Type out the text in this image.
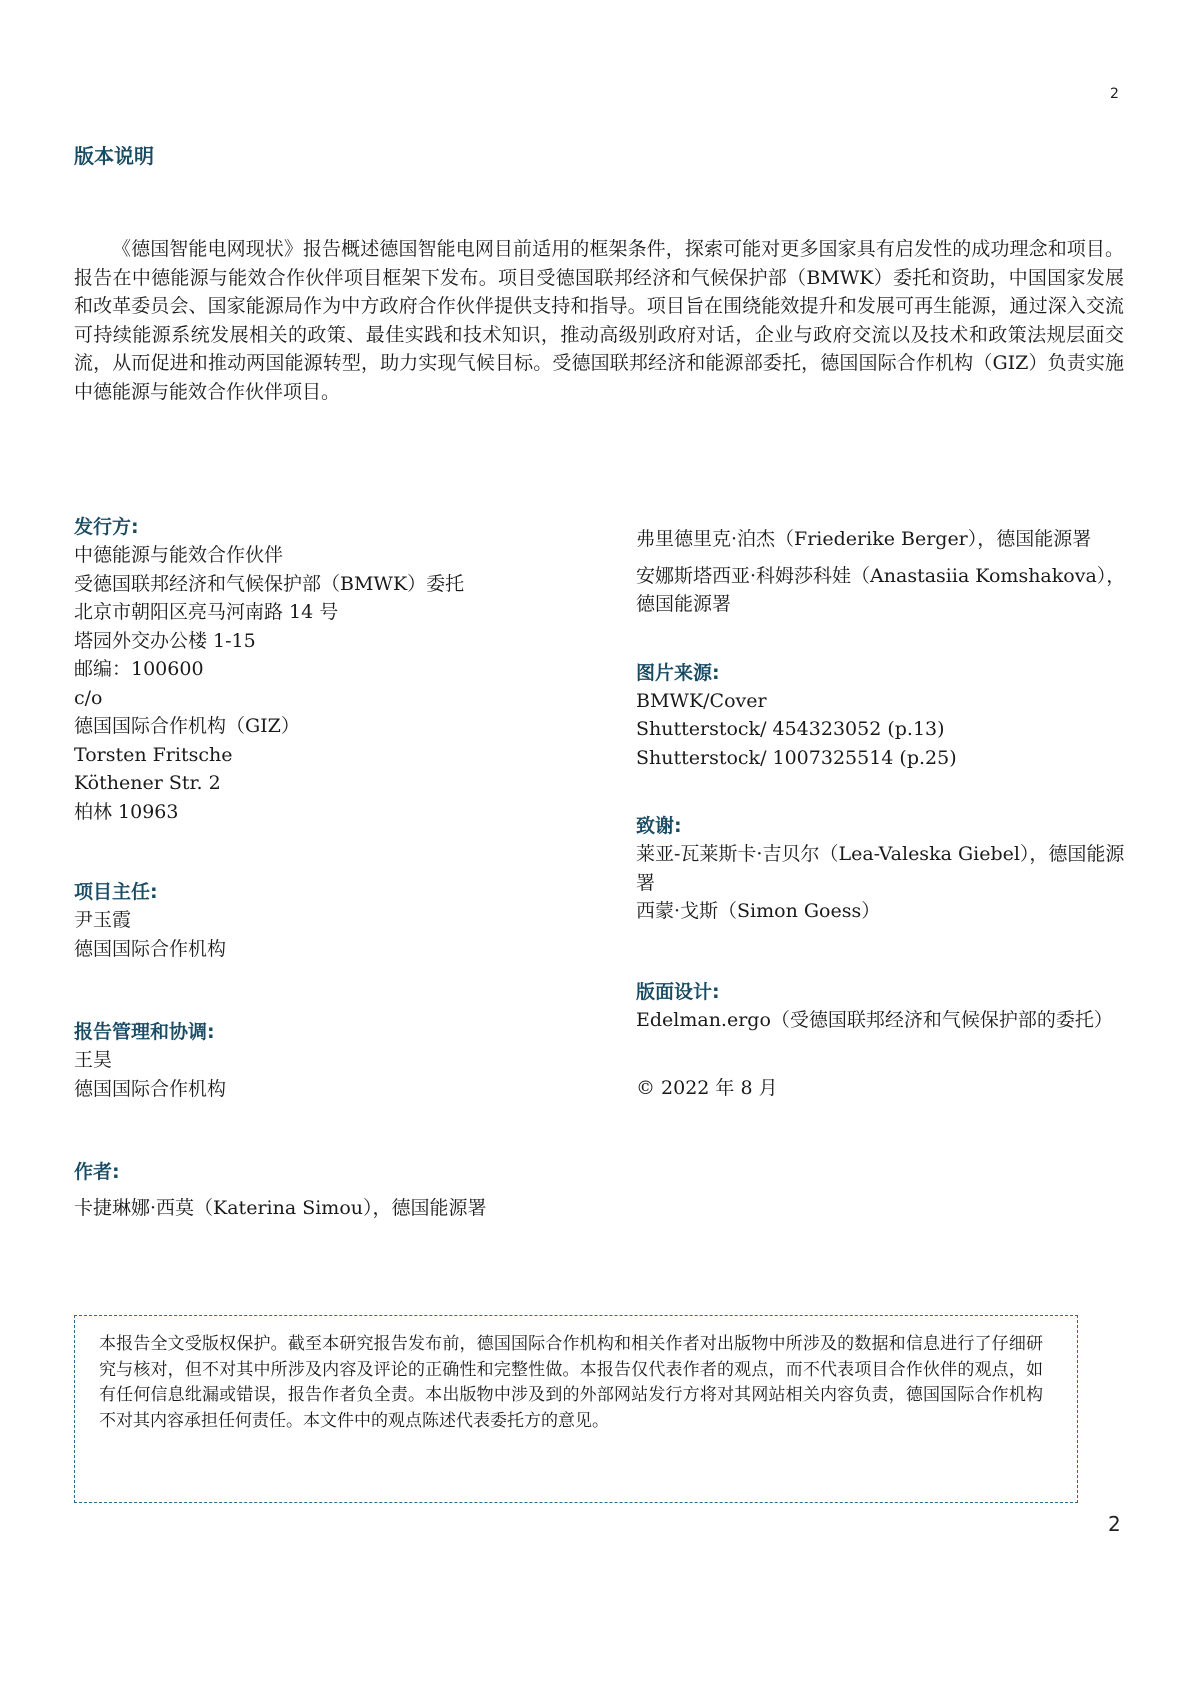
2
版本说明

《德国智能电网现状》报告概述德国智能电网目前适用的框架条件，探索可能对更多国家具有启发性的成功理念和项目。报告在中德能源与能效合作伙伴项目框架下发布。项目受德国联邦经济和气候保护部（BMWK）委托和资助，中国国家发展和改革委员会、国家能源局作为中方政府合作伙伴提供支持和指导。项目旨在围绕能效提升和发展可再生能源，通过深入交流可持续能源系统发展相关的政策、最佳实践和技术知识，推动高级别政府对话，企业与政府交流以及技术和政策法规层面交流，从而促进和推动两国能源转型，助力实现气候目标。受德国联邦经济和能源部委托，德国国际合作机构（GIZ）负责实施中德能源与能效合作伙伴项目。

发行方:
中德能源与能效合作伙伴
受德国联邦经济和气候保护部（BMWK）委托
北京市朝阳区亮马河南路 14 号
塔园外交办公楼 1-15
邮编：100600
c/o
德国国际合作机构（GIZ）
Torsten Fritsche
Köthener Str. 2
柏林 10963
项目主任:
尹玉霞
德国国际合作机构
报告管理和协调:
王昊
德国国际合作机构
作者:
卡捷琳娜·西莫（Katerina Simou），德国能源署

弗里德里克·泊杰（Friederike Berger），德国能源署

安娜斯塔西亚·科姆莎科娃（Anastasiia Komshakova），德国能源署

图片来源:
BMWK/Cover
Shutterstock/ 454323052 (p.13)
Shutterstock/ 1007325514 (p.25)
致谢:

莱亚-瓦莱斯卡·吉贝尔（Lea-Valeska Giebel），德国能源署

西蒙·戈斯（Simon Goess）

版面设计:

Edelman.ergo（受德国联邦经济和气候保护部的委托）

© 2022 年 8 月

本报告全文受版权保护。截至本研究报告发布前，德国国际合作机构和相关作者对出版物中所涉及的数据和信息进行了仔细研究与核对，但不对其中所涉及内容及评论的正确性和完整性做。本报告仅代表作者的观点，而不代表项目合作伙伴的观点，如有任何信息纰漏或错误，报告作者负全责。本出版物中涉及到的外部网站发行方将对其网站相关内容负责，德国国际合作机构不对其内容承担任何责任。本文件中的观点陈述代表委托方的意见。

2
